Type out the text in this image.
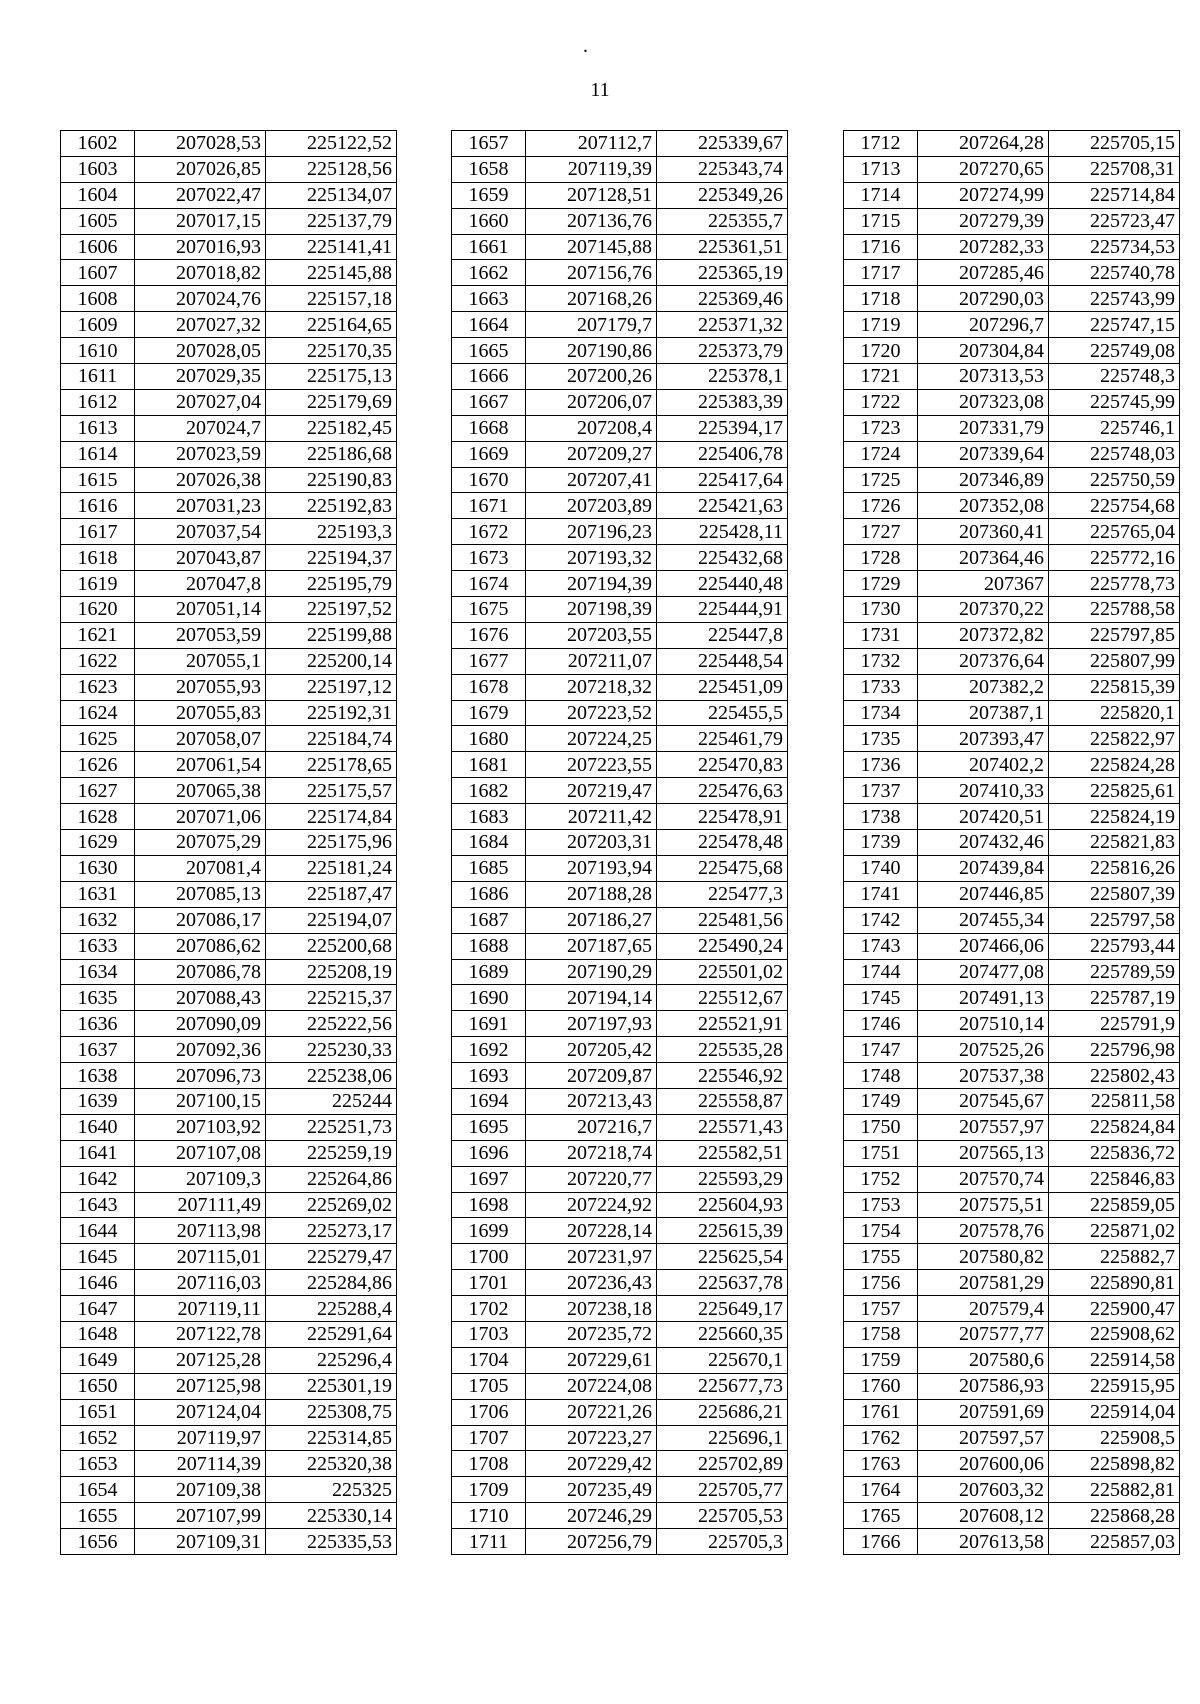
.
11
1602	207028,53	225122,52
1603	207026,85	225128,56
1604	207022,47	225134,07
1605	207017,15	225137,79
1606	207016,93	225141,41
1607	207018,82	225145,88
1608	207024,76	225157,18
1609	207027,32	225164,65
1610	207028,05	225170,35
1611	207029,35	225175,13
1612	207027,04	225179,69
1613	207024,7	225182,45
1614	207023,59	225186,68
1615	207026,38	225190,83
1616	207031,23	225192,83
1617	207037,54	225193,3
1618	207043,87	225194,37
1619	207047,8	225195,79
1620	207051,14	225197,52
1621	207053,59	225199,88
1622	207055,1	225200,14
1623	207055,93	225197,12
1624	207055,83	225192,31
1625	207058,07	225184,74
1626	207061,54	225178,65
1627	207065,38	225175,57
1628	207071,06	225174,84
1629	207075,29	225175,96
1630	207081,4	225181,24
1631	207085,13	225187,47
1632	207086,17	225194,07
1633	207086,62	225200,68
1634	207086,78	225208,19
1635	207088,43	225215,37
1636	207090,09	225222,56
1637	207092,36	225230,33
1638	207096,73	225238,06
1639	207100,15	225244
1640	207103,92	225251,73
1641	207107,08	225259,19
1642	207109,3	225264,86
1643	207111,49	225269,02
1644	207113,98	225273,17
1645	207115,01	225279,47
1646	207116,03	225284,86
1647	207119,11	225288,4
1648	207122,78	225291,64
1649	207125,28	225296,4
1650	207125,98	225301,19
1651	207124,04	225308,75
1652	207119,97	225314,85
1653	207114,39	225320,38
1654	207109,38	225325
1655	207107,99	225330,14
1656	207109,31	225335,53
1657	207112,7	225339,67
1658	207119,39	225343,74
1659	207128,51	225349,26
1660	207136,76	225355,7
1661	207145,88	225361,51
1662	207156,76	225365,19
1663	207168,26	225369,46
1664	207179,7	225371,32
1665	207190,86	225373,79
1666	207200,26	225378,1
1667	207206,07	225383,39
1668	207208,4	225394,17
1669	207209,27	225406,78
1670	207207,41	225417,64
1671	207203,89	225421,63
1672	207196,23	225428,11
1673	207193,32	225432,68
1674	207194,39	225440,48
1675	207198,39	225444,91
1676	207203,55	225447,8
1677	207211,07	225448,54
1678	207218,32	225451,09
1679	207223,52	225455,5
1680	207224,25	225461,79
1681	207223,55	225470,83
1682	207219,47	225476,63
1683	207211,42	225478,91
1684	207203,31	225478,48
1685	207193,94	225475,68
1686	207188,28	225477,3
1687	207186,27	225481,56
1688	207187,65	225490,24
1689	207190,29	225501,02
1690	207194,14	225512,67
1691	207197,93	225521,91
1692	207205,42	225535,28
1693	207209,87	225546,92
1694	207213,43	225558,87
1695	207216,7	225571,43
1696	207218,74	225582,51
1697	207220,77	225593,29
1698	207224,92	225604,93
1699	207228,14	225615,39
1700	207231,97	225625,54
1701	207236,43	225637,78
1702	207238,18	225649,17
1703	207235,72	225660,35
1704	207229,61	225670,1
1705	207224,08	225677,73
1706	207221,26	225686,21
1707	207223,27	225696,1
1708	207229,42	225702,89
1709	207235,49	225705,77
1710	207246,29	225705,53
1711	207256,79	225705,3
1712	207264,28	225705,15
1713	207270,65	225708,31
1714	207274,99	225714,84
1715	207279,39	225723,47
1716	207282,33	225734,53
1717	207285,46	225740,78
1718	207290,03	225743,99
1719	207296,7	225747,15
1720	207304,84	225749,08
1721	207313,53	225748,3
1722	207323,08	225745,99
1723	207331,79	225746,1
1724	207339,64	225748,03
1725	207346,89	225750,59
1726	207352,08	225754,68
1727	207360,41	225765,04
1728	207364,46	225772,16
1729	207367	225778,73
1730	207370,22	225788,58
1731	207372,82	225797,85
1732	207376,64	225807,99
1733	207382,2	225815,39
1734	207387,1	225820,1
1735	207393,47	225822,97
1736	207402,2	225824,28
1737	207410,33	225825,61
1738	207420,51	225824,19
1739	207432,46	225821,83
1740	207439,84	225816,26
1741	207446,85	225807,39
1742	207455,34	225797,58
1743	207466,06	225793,44
1744	207477,08	225789,59
1745	207491,13	225787,19
1746	207510,14	225791,9
1747	207525,26	225796,98
1748	207537,38	225802,43
1749	207545,67	225811,58
1750	207557,97	225824,84
1751	207565,13	225836,72
1752	207570,74	225846,83
1753	207575,51	225859,05
1754	207578,76	225871,02
1755	207580,82	225882,7
1756	207581,29	225890,81
1757	207579,4	225900,47
1758	207577,77	225908,62
1759	207580,6	225914,58
1760	207586,93	225915,95
1761	207591,69	225914,04
1762	207597,57	225908,5
1763	207600,06	225898,82
1764	207603,32	225882,81
1765	207608,12	225868,28
1766	207613,58	225857,03
